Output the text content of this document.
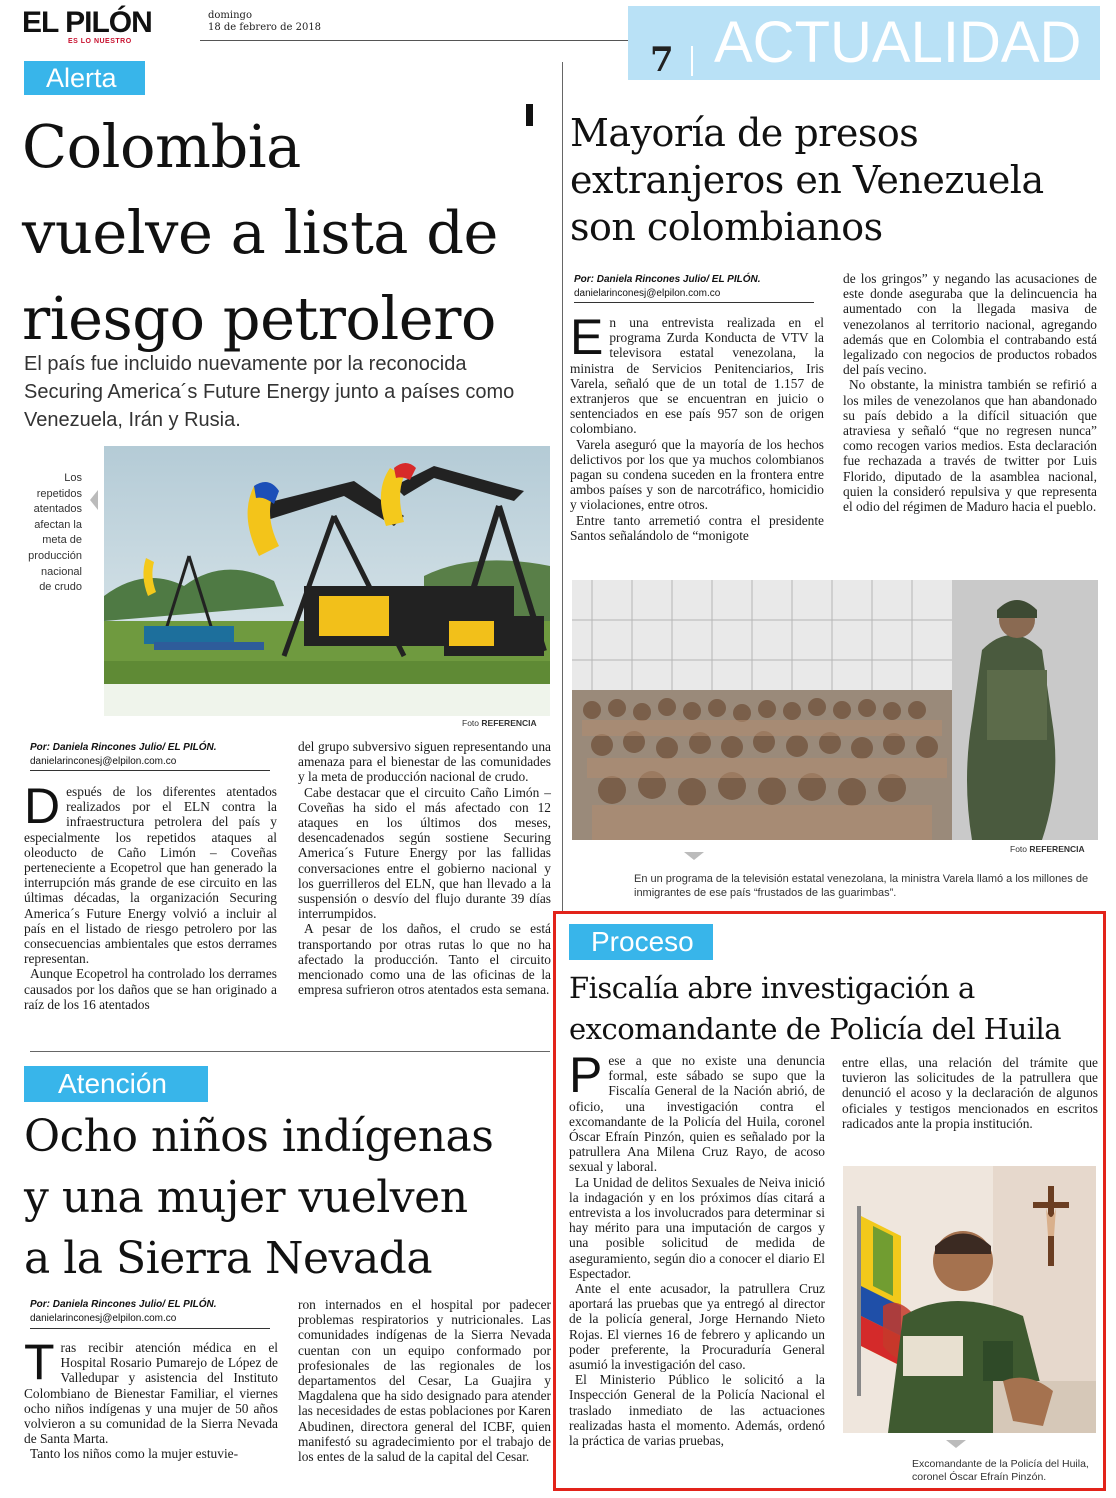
EL PILÓN
ES LO NUESTRO
domingo
18 de febrero de 2018
7 ACTUALIDAD
Alerta
Colombia
vuelve a lista de
riesgo petrolero
El país fue incluido nuevamente por la reconocida
Securing America´s Future Energy junto a países como
Venezuela, Irán y Rusia.
Los
repetidos
atentados
afectan la
meta de
producción
nacional
de crudo
Foto REFERENCIA
Por: Daniela Rincones Julio/ EL PILÓN.
danielarinconesj@elpilon.com.co

Después de los diferentes atentados realizados por el ELN contra la infraestructura petrolera del país y especialmente los repetidos ataques al oleoducto de Caño Limón – Coveñas perteneciente a Ecopetrol que han generado la interrupción más grande de ese circuito en las últimas décadas, la organización Securing America´s Future Energy volvió a incluir al país en el listado de riesgo petrolero por las consecuencias ambientales que estos derrames representan.

Aunque Ecopetrol ha controlado los derrames causados por los daños que se han originado a raíz de los 16 atentados

del grupo subversivo siguen representando una amenaza para el bienestar de las comunidades y la meta de producción nacional de crudo.

Cabe destacar que el circuito Caño Limón – Coveñas ha sido el más afectado con 12 ataques en los últimos dos meses, desencadenados según sostiene Securing America´s Future Energy por las fallidas conversaciones entre el gobierno nacional y los guerrilleros del ELN, que han llevado a la suspensión o desvío del flujo durante 39 días interrumpidos.

A pesar de los daños, el crudo se está transportando por otras rutas lo que no ha afectado la producción. Tanto el circuito mencionado como una de las oficinas de la empresa sufrieron otros atentados esta semana.

Mayoría de presos
extranjeros en Venezuela
son colombianos
Por: Daniela Rincones Julio/ EL PILÓN.
danielarinconesj@elpilon.com.co

En una entrevista realizada en el programa Zurda Konducta de VTV la televisora estatal venezolana, la ministra de Servicios Penitenciarios, Iris Varela, señaló que de un total de 1.157 de extranjeros que se encuentran en juicio o sentenciados en ese país 957 son de origen colombiano.

Varela aseguró que la mayoría de los hechos delictivos por los que ya muchos colombianos pagan su condena suceden en la frontera entre ambos países y son de narcotráfico, homicidio y violaciones, entre otros.

Entre tanto arremetió contra el presidente Santos señalándolo de “monigote

de los gringos” y negando las acusaciones de este donde aseguraba que la delincuencia ha aumentado con la llegada masiva de venezolanos al territorio nacional, agregando además que en Colombia el contrabando está legalizado con negocios de productos robados del país vecino.

No obstante, la ministra también se refirió a los miles de venezolanos que han abandonado su país debido a la difícil situación que atraviesa y señaló “que no regresen nunca” como recogen varios medios. Esta declaración fue rechazada a través de twitter por Luis Florido, diputado de la asamblea nacional, quien la consideró repulsiva y que representa el odio del régimen de Maduro hacia el pueblo.

Foto REFERENCIA
En un programa de la televisión estatal venezolana, la ministra Varela llamó a los millones de inmigrantes de ese país “frustados de las guarimbas”.
Atención
Ocho niños indígenas
y una mujer vuelven
a la Sierra Nevada
Por: Daniela Rincones Julio/ EL PILÓN.
danielarinconesj@elpilon.com.co

Tras recibir atención médica en el Hospital Rosario Pumarejo de López de Valledupar y asistencia del Instituto Colombiano de Bienestar Familiar, el viernes ocho niños indígenas y una mujer de 50 años volvieron a su comunidad de la Sierra Nevada de Santa Marta.

Tanto los niños como la mujer estuvie-

ron internados en el hospital por padecer problemas respiratorios y nutricionales. Las comunidades indígenas de la Sierra Nevada cuentan con un equipo conformado por profesionales de las regionales de los departamentos del Cesar, La Guajira y Magdalena que ha sido designado para atender las necesidades de estas poblaciones por Karen Abudinen, directora general del ICBF, quien manifestó su agradecimiento por el trabajo de los entes de la salud de la capital del Cesar.

Proceso
Fiscalía abre investigación a
excomandante de Policía del Huila

Pese a que no existe una denuncia formal, este sábado se supo que la Fiscalía General de la Nación abrió, de oficio, una investigación contra el excomandante de la Policía del Huila, coronel Óscar Efraín Pinzón, quien es señalado por la patrullera Ana Milena Cruz Rayo, de acoso sexual y laboral.

La Unidad de delitos Sexuales de Neiva inició la indagación y en los próximos días citará a entrevista a los involucrados para determinar si hay mérito para una imputación de cargos y una posible solicitud de medida de aseguramiento, según dio a conocer el diario El Espectador.

Ante el ente acusador, la patrullera Cruz aportará las pruebas que ya entregó al director de la policía general, Jorge Hernando Nieto Rojas. El viernes 16 de febrero y aplicando un poder preferente, la Procuraduría General asumió la investigación del caso.

El Ministerio Público le solicitó a la Inspección General de la Policía Nacional el traslado inmediato de las actuaciones realizadas hasta el momento. Además, ordenó la práctica de varias pruebas,

entre ellas, una relación del trámite que tuvieron las solicitudes de la patrullera que denunció el acoso y la declaración de algunos oficiales y testigos mencionados en escritos radicados ante la propia institución.

Excomandante de la Policía del Huila,
coronel Óscar Efraín Pinzón.
